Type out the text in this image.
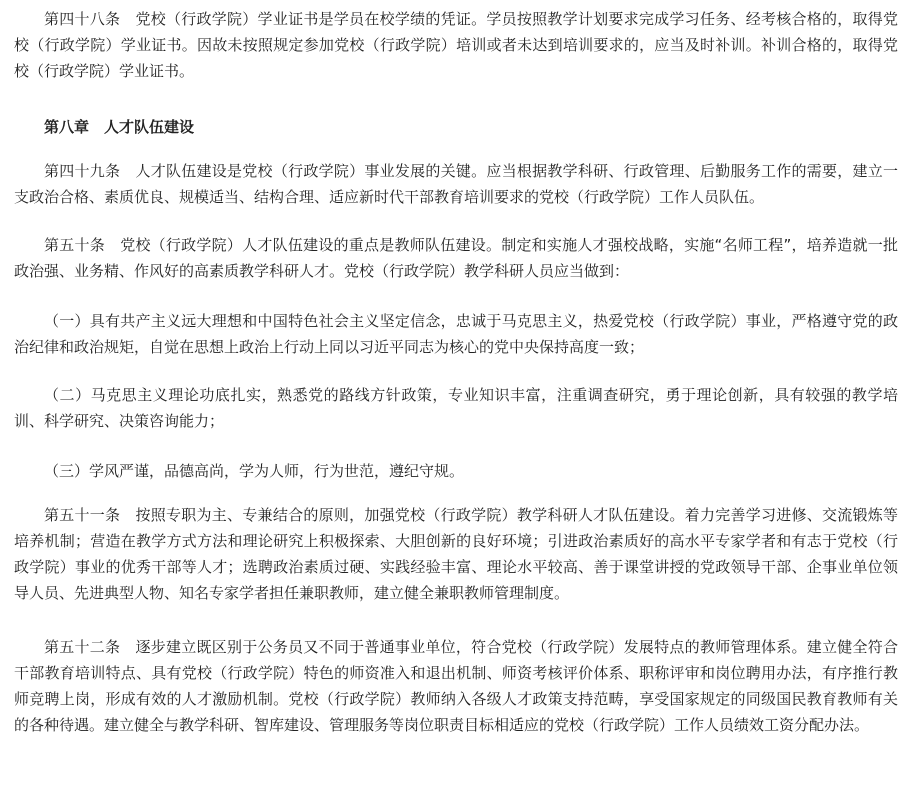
第四十八条　党校（行政学院）学业证书是学员在校学绩的凭证。学员按照教学计划要求完成学习任务、经考核合格的，取得党校（行政学院）学业证书。因故未按照规定参加党校（行政学院）培训或者未达到培训要求的，应当及时补训。补训合格的，取得党校（行政学院）学业证书。

第八章　人才队伍建设

第四十九条　人才队伍建设是党校（行政学院）事业发展的关键。应当根据教学科研、行政管理、后勤服务工作的需要，建立一支政治合格、素质优良、规模适当、结构合理、适应新时代干部教育培训要求的党校（行政学院）工作人员队伍。

第五十条　党校（行政学院）人才队伍建设的重点是教师队伍建设。制定和实施人才强校战略，实施“名师工程”，培养造就一批政治强、业务精、作风好的高素质教学科研人才。党校（行政学院）教学科研人员应当做到：

（一）具有共产主义远大理想和中国特色社会主义坚定信念，忠诚于马克思主义，热爱党校（行政学院）事业，严格遵守党的政治纪律和政治规矩，自觉在思想上政治上行动上同以习近平同志为核心的党中央保持高度一致；

（二）马克思主义理论功底扎实，熟悉党的路线方针政策，专业知识丰富，注重调查研究，勇于理论创新，具有较强的教学培训、科学研究、决策咨询能力；

（三）学风严谨，品德高尚，学为人师，行为世范，遵纪守规。

第五十一条　按照专职为主、专兼结合的原则，加强党校（行政学院）教学科研人才队伍建设。着力完善学习进修、交流锻炼等培养机制；营造在教学方式方法和理论研究上积极探索、大胆创新的良好环境；引进政治素质好的高水平专家学者和有志于党校（行政学院）事业的优秀干部等人才；选聘政治素质过硬、实践经验丰富、理论水平较高、善于课堂讲授的党政领导干部、企事业单位领导人员、先进典型人物、知名专家学者担任兼职教师，建立健全兼职教师管理制度。

第五十二条　逐步建立既区别于公务员又不同于普通事业单位，符合党校（行政学院）发展特点的教师管理体系。建立健全符合干部教育培训特点、具有党校（行政学院）特色的师资准入和退出机制、师资考核评价体系、职称评审和岗位聘用办法，有序推行教师竞聘上岗，形成有效的人才激励机制。党校（行政学院）教师纳入各级人才政策支持范畴，享受国家规定的同级国民教育教师有关的各种待遇。建立健全与教学科研、智库建设、管理服务等岗位职责目标相适应的党校（行政学院）工作人员绩效工资分配办法。
